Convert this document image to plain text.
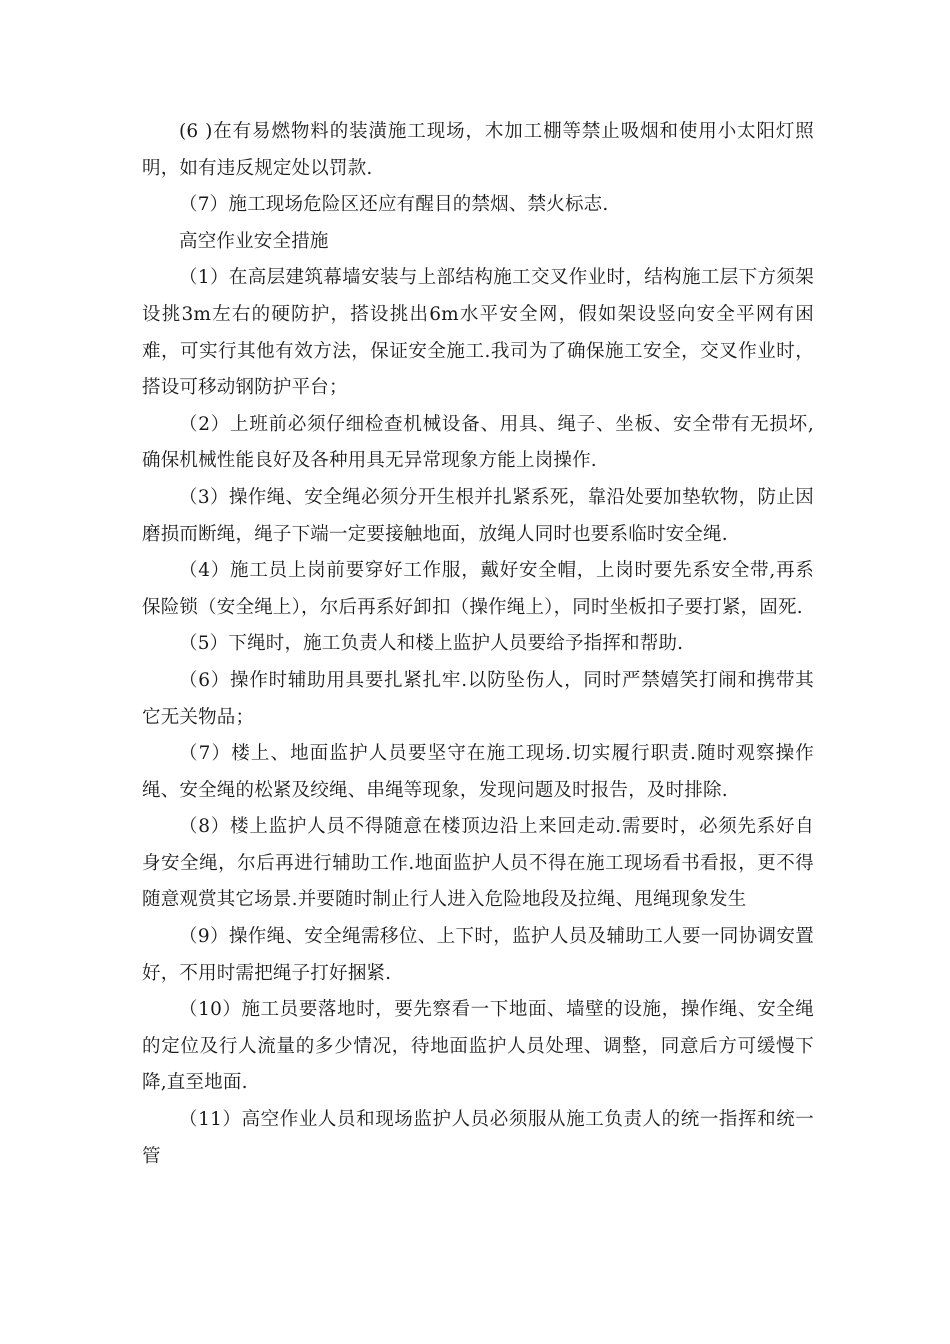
(6 )在有易燃物料的装潢施工现场，木加工棚等禁止吸烟和使用小太阳灯照明，如有违反规定处以罚款.

（7）施工现场危险区还应有醒目的禁烟、禁火标志.

高空作业安全措施

（1）在高层建筑幕墙安装与上部结构施工交叉作业时，结构施工层下方须架设挑3m左右的硬防护，搭设挑出6m水平安全网，假如架设竖向安全平网有困难，可实行其他有效方法，保证安全施工.我司为了确保施工安全，交叉作业时，搭设可移动钢防护平台；

（2）上班前必须仔细检查机械设备、用具、绳子、坐板、安全带有无损坏,确保机械性能良好及各种用具无异常现象方能上岗操作.

（3）操作绳、安全绳必须分开生根并扎紧系死，靠沿处要加垫软物，防止因磨损而断绳，绳子下端一定要接触地面，放绳人同时也要系临时安全绳.

（4）施工员上岗前要穿好工作服，戴好安全帽，上岗时要先系安全带,再系保险锁（安全绳上），尔后再系好卸扣（操作绳上），同时坐板扣子要打紧，固死.

（5）下绳时，施工负责人和楼上监护人员要给予指挥和帮助.

（6）操作时辅助用具要扎紧扎牢.以防坠伤人，同时严禁嬉笑打闹和携带其它无关物品；

（7）楼上、地面监护人员要坚守在施工现场.切实履行职责.随时观察操作绳、安全绳的松紧及绞绳、串绳等现象，发现问题及时报告，及时排除.

（8）楼上监护人员不得随意在楼顶边沿上来回走动.需要时，必须先系好自身安全绳，尔后再进行辅助工作.地面监护人员不得在施工现场看书看报，更不得随意观赏其它场景.并要随时制止行人进入危险地段及拉绳、甩绳现象发生

（9）操作绳、安全绳需移位、上下时，监护人员及辅助工人要一同协调安置好，不用时需把绳子打好捆紧.

（10）施工员要落地时，要先察看一下地面、墙壁的设施，操作绳、安全绳的定位及行人流量的多少情况，待地面监护人员处理、调整，同意后方可缓慢下降,直至地面.

（11）高空作业人员和现场监护人员必须服从施工负责人的统一指挥和统一管
